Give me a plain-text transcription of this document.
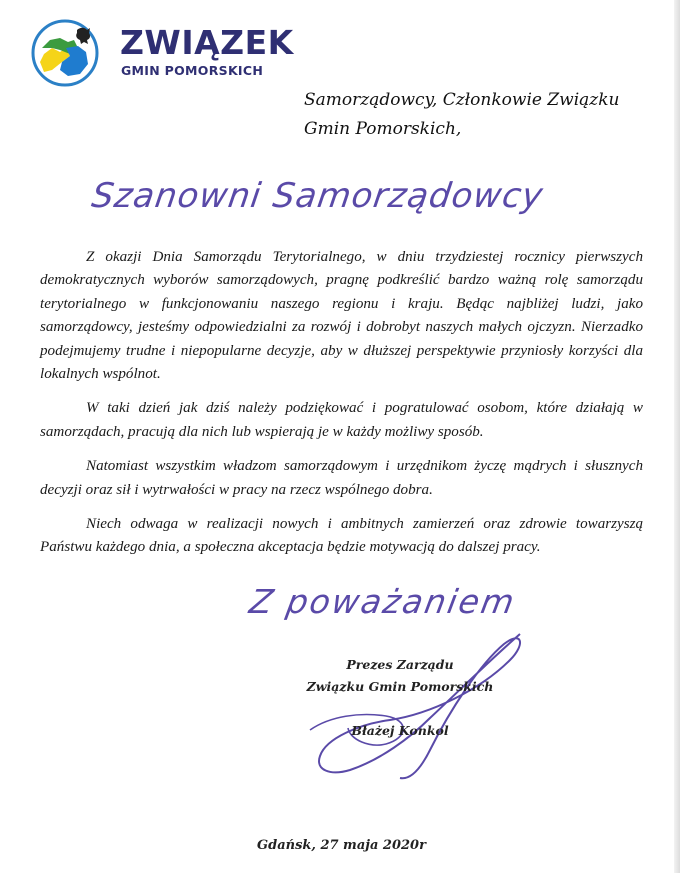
ZWIĄZEK
GMIN POMORSKICH
Samorządowcy, Członkowie Związku
Gmin Pomorskich,
Szanowni Samorządowcy

Z okazji Dnia Samorządu Terytorialnego, w dniu trzydziestej rocznicy pierwszych demokratycznych wyborów samorządowych, pragnę podkreślić bardzo ważną rolę samorządu terytorialnego w funkcjonowaniu naszego regionu i kraju. Będąc najbliżej ludzi, jako samorządowcy, jesteśmy odpowiedzialni za rozwój i dobrobyt naszych małych ojczyzn. Nierzadko podejmujemy trudne i niepopularne decyzje, aby w dłuższej perspektywie przyniosły korzyści dla lokalnych wspólnot.

W taki dzień jak dziś należy podziękować i pogratulować osobom, które działają w samorządach, pracują dla nich lub wspierają je w każdy możliwy sposób.

Natomiast wszystkim władzom samorządowym i urzędnikom życzę mądrych i słusznych decyzji oraz sił i wytrwałości w pracy na rzecz wspólnego dobra.

Niech odwaga w realizacji nowych i ambitnych zamierzeń oraz zdrowie towarzyszą Państwu każdego dnia, a społeczna akceptacja będzie motywacją do dalszej pracy.

Z poważaniem
Prezes Zarządu
Związku Gmin Pomorskich
Błażej Konkol
Gdańsk, 27 maja 2020r
